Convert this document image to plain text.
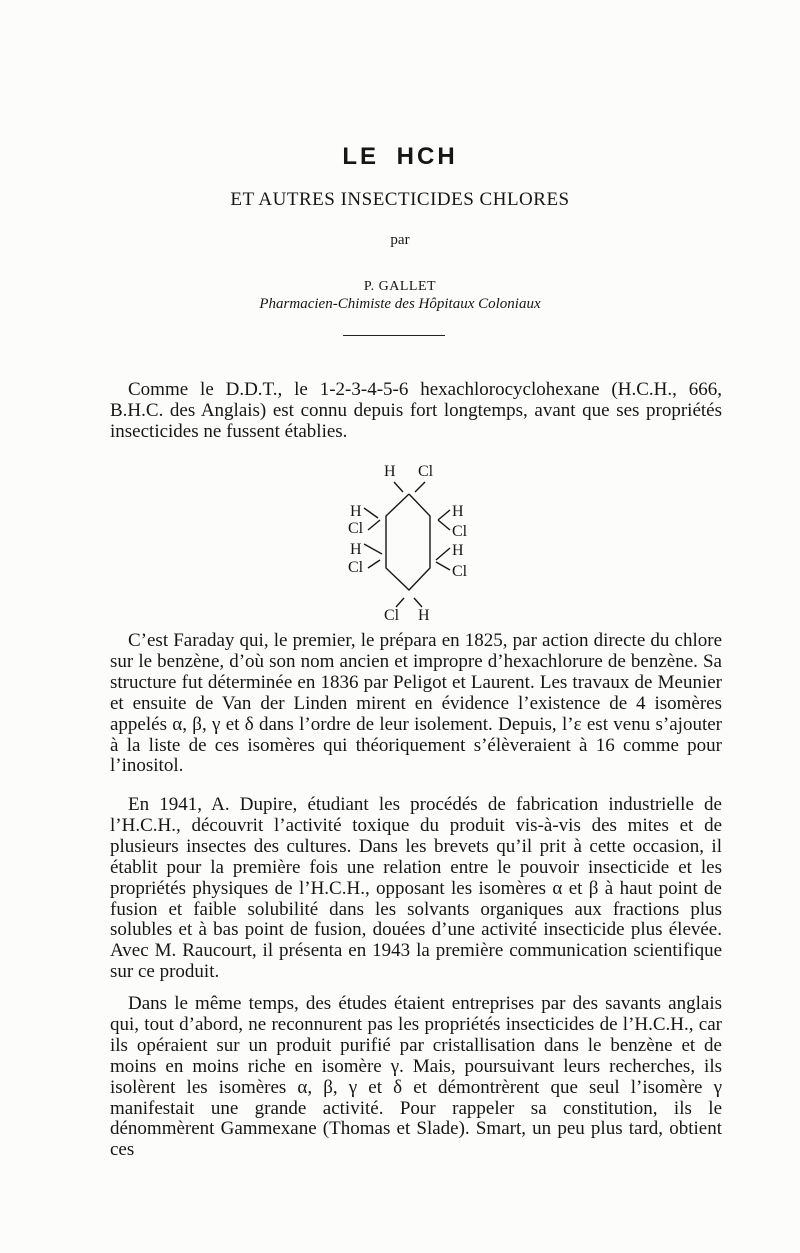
LE HCH
ET AUTRES INSECTICIDES CHLORES
par
P. GALLET
Pharmacien-Chimiste des Hôpitaux Coloniaux

Comme le D.D.T., le 1-2-3-4-5-6 hexachlorocyclohexane (H.C.H., 666, B.H.C. des Anglais) est connu depuis fort longtemps, avant que ses propriétés insecticides ne fussent établies.

H Cl
H
Cl
H
Cl
H
Cl
H
Cl
Cl H

C’est Faraday qui, le premier, le prépara en 1825, par action directe du chlore sur le benzène, d’où son nom ancien et impropre d’hexachlorure de benzène. Sa structure fut déterminée en 1836 par Peligot et Laurent. Les travaux de Meunier et ensuite de Van der Linden mirent en évidence l’existence de 4 isomères appelés α, β, γ et δ dans l’ordre de leur isolement. Depuis, l’ε est venu s’ajouter à la liste de ces isomères qui théoriquement s’élèveraient à 16 comme pour l’inositol.

En 1941, A. Dupire, étudiant les procédés de fabrication industrielle de l’H.C.H., découvrit l’activité toxique du produit vis-à-vis des mites et de plusieurs insectes des cultures. Dans les brevets qu’il prit à cette occasion, il établit pour la première fois une relation entre le pouvoir insecticide et les propriétés physiques de l’H.C.H., opposant les isomères α et β à haut point de fusion et faible solubilité dans les solvants organiques aux fractions plus solubles et à bas point de fusion, douées d’une activité insecticide plus élevée. Avec M. Raucourt, il présenta en 1943 la première communication scientifique sur ce produit.

Dans le même temps, des études étaient entreprises par des savants anglais qui, tout d’abord, ne reconnurent pas les propriétés insecticides de l’H.C.H., car ils opéraient sur un produit purifié par cristallisation dans le benzène et de moins en moins riche en isomère γ. Mais, poursuivant leurs recherches, ils isolèrent les isomères α, β, γ et δ et démontrèrent que seul l’isomère γ manifestait une grande activité. Pour rappeler sa constitution, ils le dénommèrent Gammexane (Thomas et Slade). Smart, un peu plus tard, obtient ces
